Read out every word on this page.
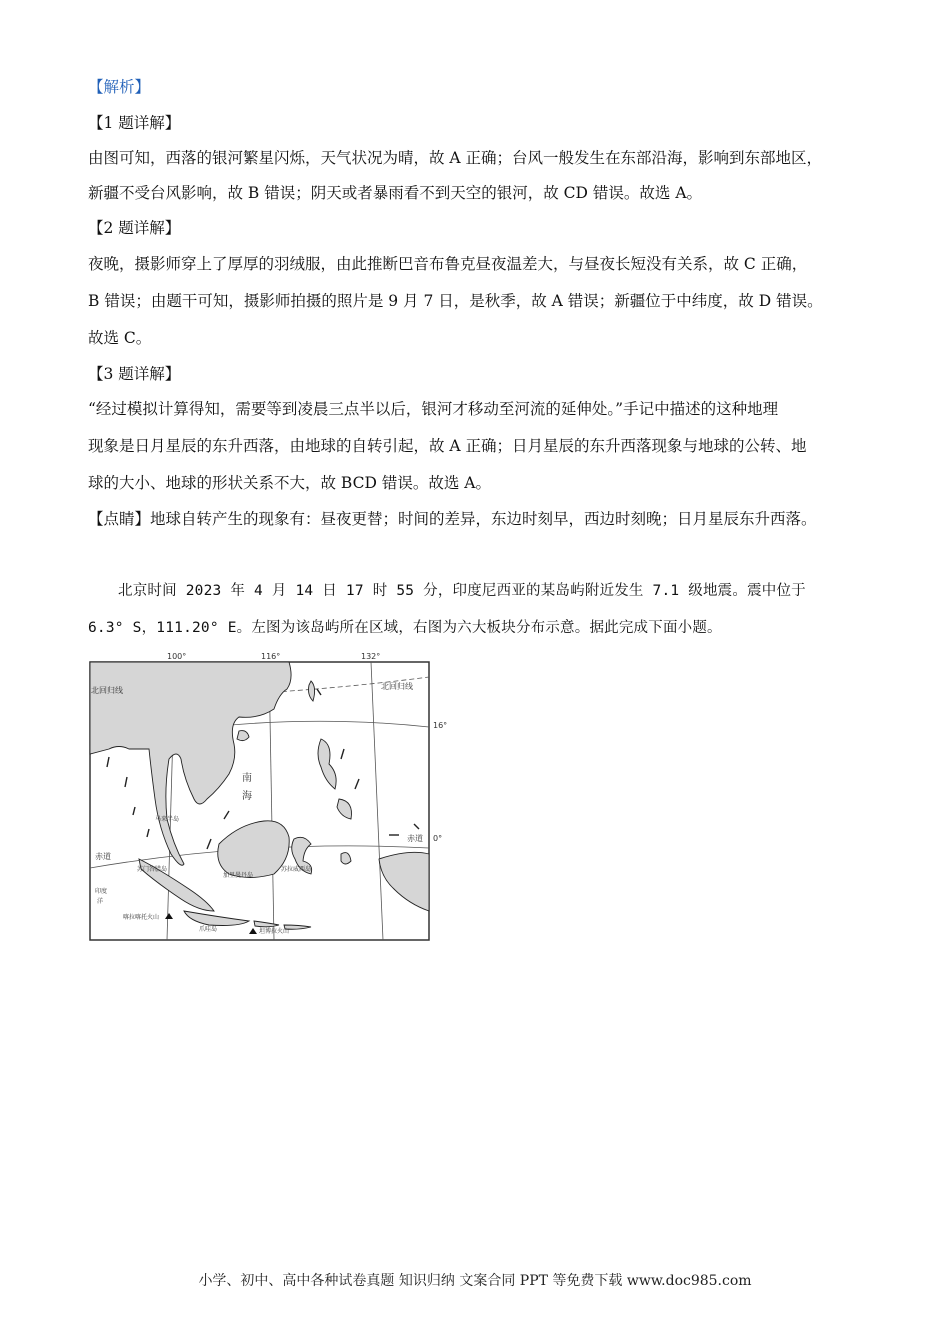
【解析】
【1 题详解】
由图可知，西落的银河繁星闪烁，天气状况为晴，故 A 正确；台风一般发生在东部沿海，影响到东部地区，
新疆不受台风影响，故 B 错误；阴天或者暴雨看不到天空的银河，故 CD 错误。故选 A。
【2 题详解】
夜晚，摄影师穿上了厚厚的羽绒服，由此推断巴音布鲁克昼夜温差大，与昼夜长短没有关系，故 C 正确，
B 错误；由题干可知，摄影师拍摄的照片是 9 月 7 日，是秋季，故 A 错误；新疆位于中纬度，故 D 错误。
故选 C。
【3 题详解】
“经过模拟计算得知，需要等到凌晨三点半以后，银河才移动至河流的延伸处。”手记中描述的这种地理
现象是日月星辰的东升西落，由地球的自转引起，故 A 正确；日月星辰的东升西落现象与地球的公转、地
球的大小、地球的形状关系不大，故 BCD 错误。故选 A。
【点睛】地球自转产生的现象有：昼夜更替；时间的差异，东边时刻早，西边时刻晚；日月星辰东升西落。
北京时间 2023 年 4 月 14 日 17 时 55 分，印度尼西亚的某岛屿附近发生 7.1 级地震。震中位于
6.3° S，111.20° E。左图为该岛屿所在区域，右图为六大板块分布示意。据此完成下面小题。
100°	116°	132°
16°
0°
北回归线	北回归线
赤道
赤道
南
海
马来半岛
苏门答腊岛
加里曼丹岛
苏拉威西岛
爪哇岛
印度
洋
喀拉喀托火山
坦博拉火山
小学、初中、高中各种试卷真题 知识归纳 文案合同 PPT 等免费下载 www.doc985.com
